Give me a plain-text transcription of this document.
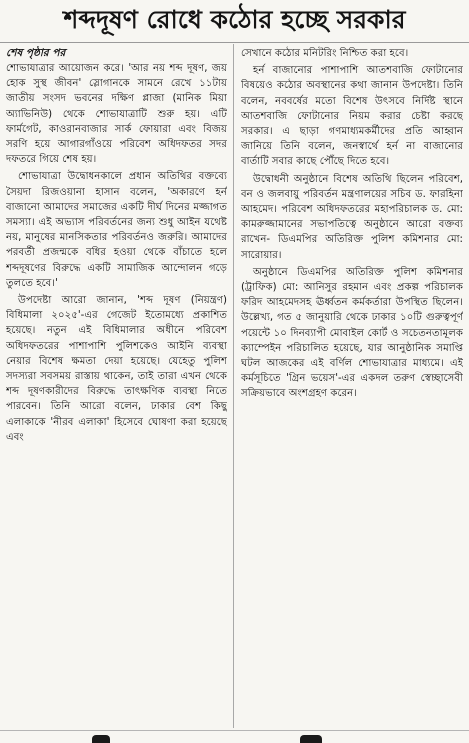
শব্দদূষণ রোধে কঠোর হচ্ছে সরকার
শেষ পৃষ্ঠার পর

শোভাযাত্রার আয়োজন করে। 'আর নয় শব্দ দূষণ, জয় হোক সুস্থ জীবন' স্লোগানকে সামনে রেখে ১১টায় জাতীয় সংসদ ভবনের দক্ষিণ প্লাজা (মানিক মিয়া অ্যাভিনিউ) থেকে শোভাযাত্রাটি শুরু হয়। এটি ফার্মগেট, কাওরানবাজার সার্ক ফোয়ারা এবং বিজয় সরণি হয়ে আগারগাঁওয়ে পরিবেশ অধিদফতর সদর দফতরে গিয়ে শেষ হয়।

শোভাযাত্রা উদ্বোধনকালে প্রধান অতিথির বক্তব্যে সৈয়দা রিজওয়ানা হাসান বলেন, 'অকারণে হর্ন বাজানো আমাদের সমাজের একটি দীর্ঘ দিনের মজ্জাগত সমস্যা। এই অভ্যাস পরিবর্তনের জন্য শুধু আইন যথেষ্ট নয়, মানুষের মানসিকতার পরিবর্তনও জরুরি। আমাদের পরবর্তী প্রজন্মকে বধির হওয়া থেকে বাঁচাতে হলে শব্দদূষণের বিরুদ্ধে একটি সামাজিক আন্দোলন গড়ে তুলতে হবে।'

উপদেষ্টা আরো জানান, 'শব্দ দূষণ (নিয়ন্ত্রণ) বিধিমালা ২০২৫'-এর গেজেট ইতোমধ্যে প্রকাশিত হয়েছে। নতুন এই বিধিমালার অধীনে পরিবেশ অধিদফতরের পাশাপাশি পুলিশকেও আইনি ব্যবস্থা নেয়ার বিশেষ ক্ষমতা দেয়া হয়েছে। যেহেতু পুলিশ সদস্যরা সবসময় রাস্তায় থাকেন, তাই তারা এখন থেকে শব্দ দূষণকারীদের বিরুদ্ধে তাৎক্ষণিক ব্যবস্থা নিতে পারবেন। তিনি আরো বলেন, ঢাকার বেশ কিছু এলাকাকে 'নীরব এলাকা' হিসেবে ঘোষণা করা হয়েছে এবং

সেখানে কঠোর মনিটরিং নিশ্চিত করা হবে।

হর্ন বাজানোর পাশাপাশি আতশবাজি ফোটানোর বিষয়েও কঠোর অবস্থানের কথা জানান উপদেষ্টা। তিনি বলেন, নববর্ষের মতো বিশেষ উৎসবে নির্দিষ্ট স্থানে আতশবাজি ফোটানোর নিয়ম করার চেষ্টা করছে সরকার। এ ছাড়া গণমাধ্যমকর্মীদের প্রতি আহ্বান জানিয়ে তিনি বলেন, জনস্বার্থে হর্ন না বাজানোর বার্তাটি সবার কাছে পৌঁছে দিতে হবে।

উদ্বোধনী অনুষ্ঠানে বিশেষ অতিথি ছিলেন পরিবেশ, বন ও জলবায়ু পরিবর্তন মন্ত্রণালয়ের সচিব ড. ফারহিনা আহমেদ। পরিবেশ অধিদফতরের মহাপরিচালক ড. মো: কামরুজ্জামানের সভাপতিত্বে অনুষ্ঠানে আরো বক্তব্য রাখেন- ডিএমপির অতিরিক্ত পুলিশ কমিশনার মো: সারোয়ার।

অনুষ্ঠানে ডিএমপির অতিরিক্ত পুলিশ কমিশনার (ট্রাফিক) মো: আনিসুর রহমান এবং প্রকল্প পরিচালক ফরিদ আহমেদসহ ঊর্ধ্বতন কর্মকর্তারা উপস্থিত ছিলেন। উল্লেখ্য, গত ৫ জানুয়ারি থেকে ঢাকার ১০টি গুরুত্বপূর্ণ পয়েন্টে ১০ দিনব্যাপী মোবাইল কোর্ট ও সচেতনতামূলক ক্যাম্পেইন পরিচালিত হয়েছে, যার আনুষ্ঠানিক সমাপ্তি ঘটল আজকের এই বর্ণিল শোভাযাত্রার মাধ্যমে। এই কর্মসূচিতে 'গ্রিন ভয়েস'-এর একদল তরুণ স্বেচ্ছাসেবী সক্রিয়ভাবে অংশগ্রহণ করেন।
